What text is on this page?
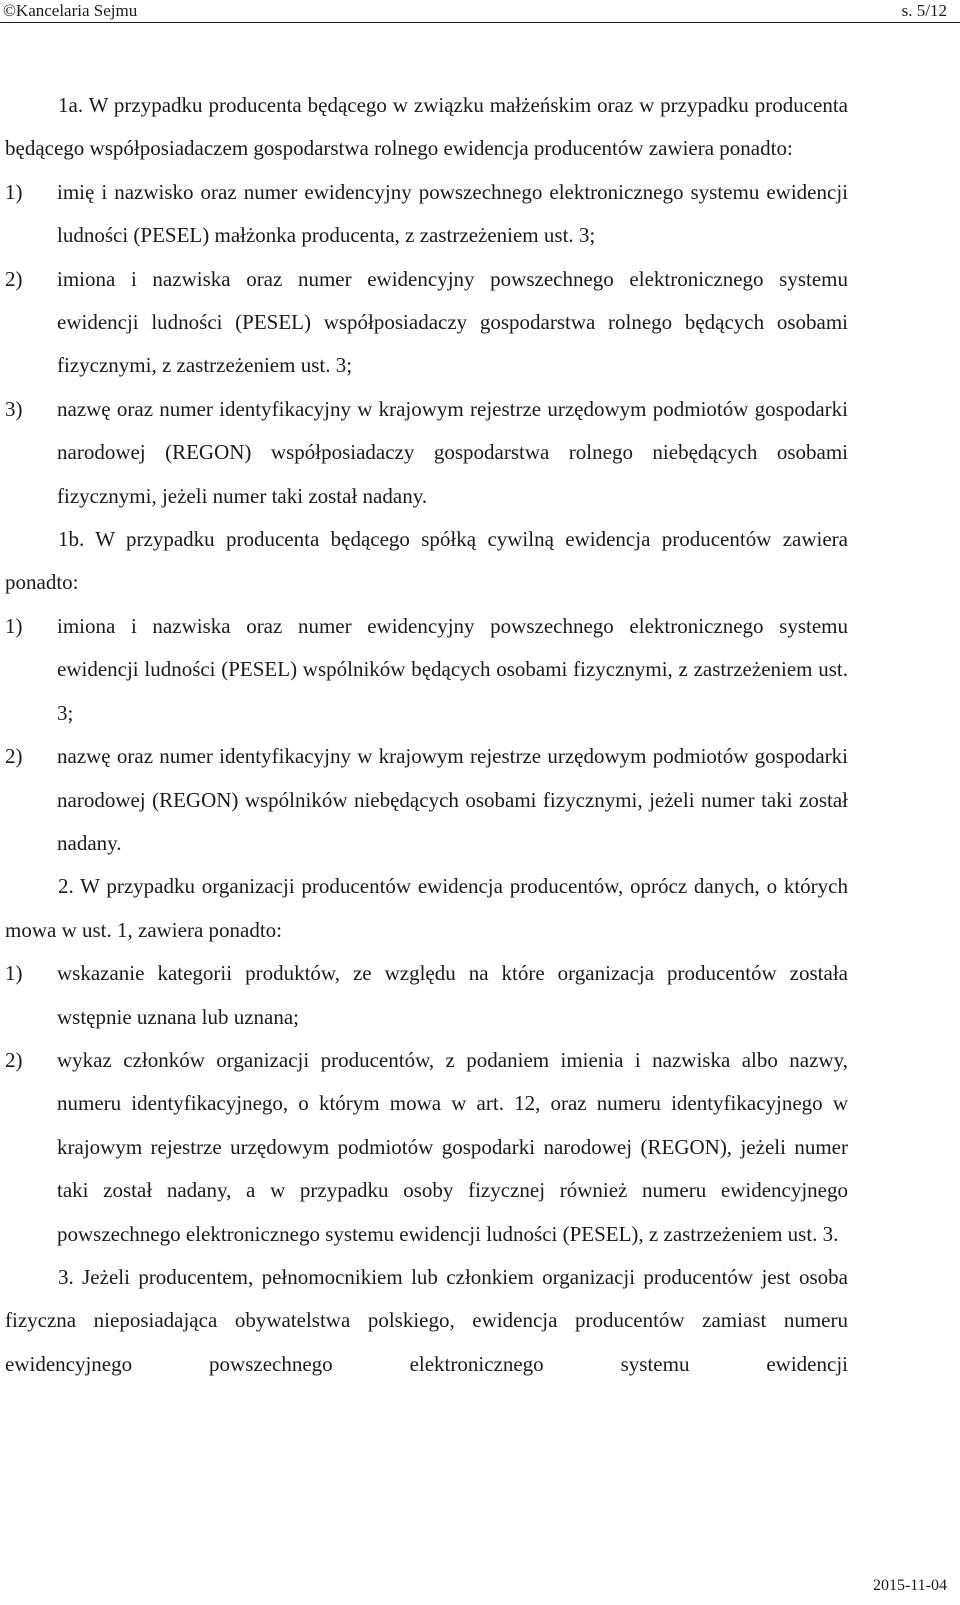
©Kancelaria Sejmu	s. 5/12
1a. W przypadku producenta będącego w związku małżeńskim oraz w przypadku producenta będącego współposiadaczem gospodarstwa rolnego ewidencja producentów zawiera ponadto:
1) imię i nazwisko oraz numer ewidencyjny powszechnego elektronicznego systemu ewidencji ludności (PESEL) małżonka producenta, z zastrzeżeniem ust. 3;
2) imiona i nazwiska oraz numer ewidencyjny powszechnego elektronicznego systemu ewidencji ludności (PESEL) współposiadaczy gospodarstwa rolnego będących osobami fizycznymi, z zastrzeżeniem ust. 3;
3) nazwę oraz numer identyfikacyjny w krajowym rejestrze urzędowym podmiotów gospodarki narodowej (REGON) współposiadaczy gospodarstwa rolnego niebędących osobami fizycznymi, jeżeli numer taki został nadany.
1b. W przypadku producenta będącego spółką cywilną ewidencja producentów zawiera ponadto:
1) imiona i nazwiska oraz numer ewidencyjny powszechnego elektronicznego systemu ewidencji ludności (PESEL) wspólników będących osobami fizycznymi, z zastrzeżeniem ust. 3;
2) nazwę oraz numer identyfikacyjny w krajowym rejestrze urzędowym podmiotów gospodarki narodowej (REGON) wspólników niebędących osobami fizycznymi, jeżeli numer taki został nadany.
2. W przypadku organizacji producentów ewidencja producentów, oprócz danych, o których mowa w ust. 1, zawiera ponadto:
1) wskazanie kategorii produktów, ze względu na które organizacja producentów została wstępnie uznana lub uznana;
2) wykaz członków organizacji producentów, z podaniem imienia i nazwiska albo nazwy, numeru identyfikacyjnego, o którym mowa w art. 12, oraz numeru identyfikacyjnego w krajowym rejestrze urzędowym podmiotów gospodarki narodowej (REGON), jeżeli numer taki został nadany, a w przypadku osoby fizycznej również numeru ewidencyjnego powszechnego elektronicznego systemu ewidencji ludności (PESEL), z zastrzeżeniem ust. 3.
3. Jeżeli producentem, pełnomocnikiem lub członkiem organizacji producentów jest osoba fizyczna nieposiadająca obywatelstwa polskiego, ewidencja producentów zamiast numeru ewidencyjnego powszechnego elektronicznego systemu ewidencji
2015-11-04
